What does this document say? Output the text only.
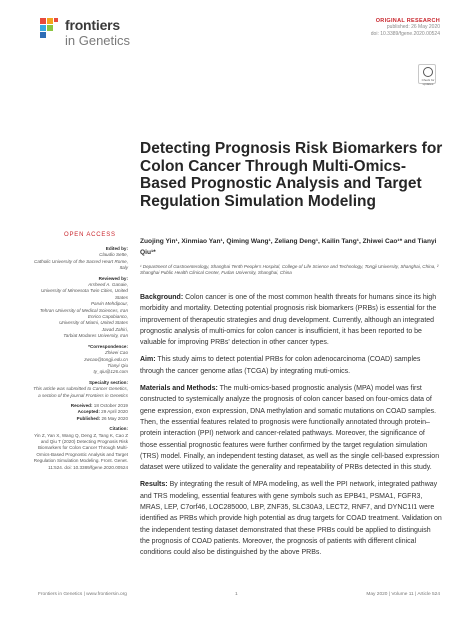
frontiers
in Genetics
ORIGINAL RESEARCH
published: 26 May 2020
doi: 10.3389/fgene.2020.00524
Check for updates
Detecting Prognosis Risk Biomarkers for Colon Cancer Through Multi-Omics-Based Prognostic Analysis and Target Regulation Simulation Modeling
Zuojing Yin¹, Xinmiao Yan¹, Qiming Wang¹, Zeliang Deng¹, Kailin Tang¹, Zhiwei Cao¹* and Tianyi Qiu¹*
¹ Department of Gastroenterology, Shanghai Tenth People's Hospital, College of Life Science and Technology, Tongji University, Shanghai, China, ² Shanghai Public Health Clinical Center, Fudan University, Shanghai, China
OPEN ACCESS
Edited by:
Claudio Sette,
Catholic University of the Sacred Heart Rome, Italy
Reviewed by:
Arsheed A. Ganaie,
University of Minnesota Twin Cities, United States
Parvin Mehdipour,
Tehran University of Medical Sciences, Iran
Enrico Capobianco,
University of Miami, United States
Javad Zahiri,
Tarbiat Modares University, Iran
*Correspondence:
Zhiwei Cao
zwcao@tongji.edu.cn
Tianyi Qiu
ty_qiu@126.com
Specialty section:
This article was submitted to Cancer Genetics, a section of the journal Frontiers in Genetics
Received: 18 October 2019
Accepted: 29 April 2020
Published: 26 May 2020
Citation:
Yin Z, Yan X, Wang Q, Deng Z, Tang K, Cao Z and Qiu T (2020) Detecting Prognosis Risk Biomarkers for Colon Cancer Through Multi-Omics-Based Prognostic Analysis and Target Regulation Simulation Modeling. Front. Genet. 11:524. doi: 10.3389/fgene.2020.00524

Background: Colon cancer is one of the most common health threats for humans since its high morbidity and mortality. Detecting potential prognosis risk biomarkers (PRBs) is essential for the improvement of therapeutic strategies and drug development. Currently, although an integrated prognostic analysis of multi-omics for colon cancer is insufficient, it has been reported to be valuable for improving PRBs' detection in other cancer types.

Aim: This study aims to detect potential PRBs for colon adenocarcinoma (COAD) samples through the cancer genome atlas (TCGA) by integrating muti-omics.

Materials and Methods: The multi-omics-based prognostic analysis (MPA) model was first constructed to systemically analyze the prognosis of colon cancer based on four-omics data of gene expression, exon expression, DNA methylation and somatic mutations on COAD samples. Then, the essential features related to prognosis were functionally annotated through protein–protein interaction (PPI) network and cancer-related pathways. Moreover, the significance of those essential prognostic features were further confirmed by the target regulation simulation (TRS) model. Finally, an independent testing dataset, as well as the single cell-based expression dataset were utilized to validate the generality and repeatability of PRBs detected in this study.

Results: By integrating the result of MPA modeling, as well the PPI network, integrated pathway and TRS modeling, essential features with gene symbols such as EPB41, PSMA1, FGFR3, MRAS, LEP, C7orf46, LOC285000, LBP, ZNF35, SLC30A3, LECT2, RNF7, and DYNC1I1 were identified as PRBs which provide high potential as drug targets for COAD treatment. Validation on the independent testing dataset demonstrated that these PRBs could be applied to distinguish the prognosis of COAD patients. Moreover, the prognosis of patients with different clinical conditions could also be distinguished by the above PRBs.

Frontiers in Genetics | www.frontiersin.org	1	May 2020 | Volume 11 | Article 524
